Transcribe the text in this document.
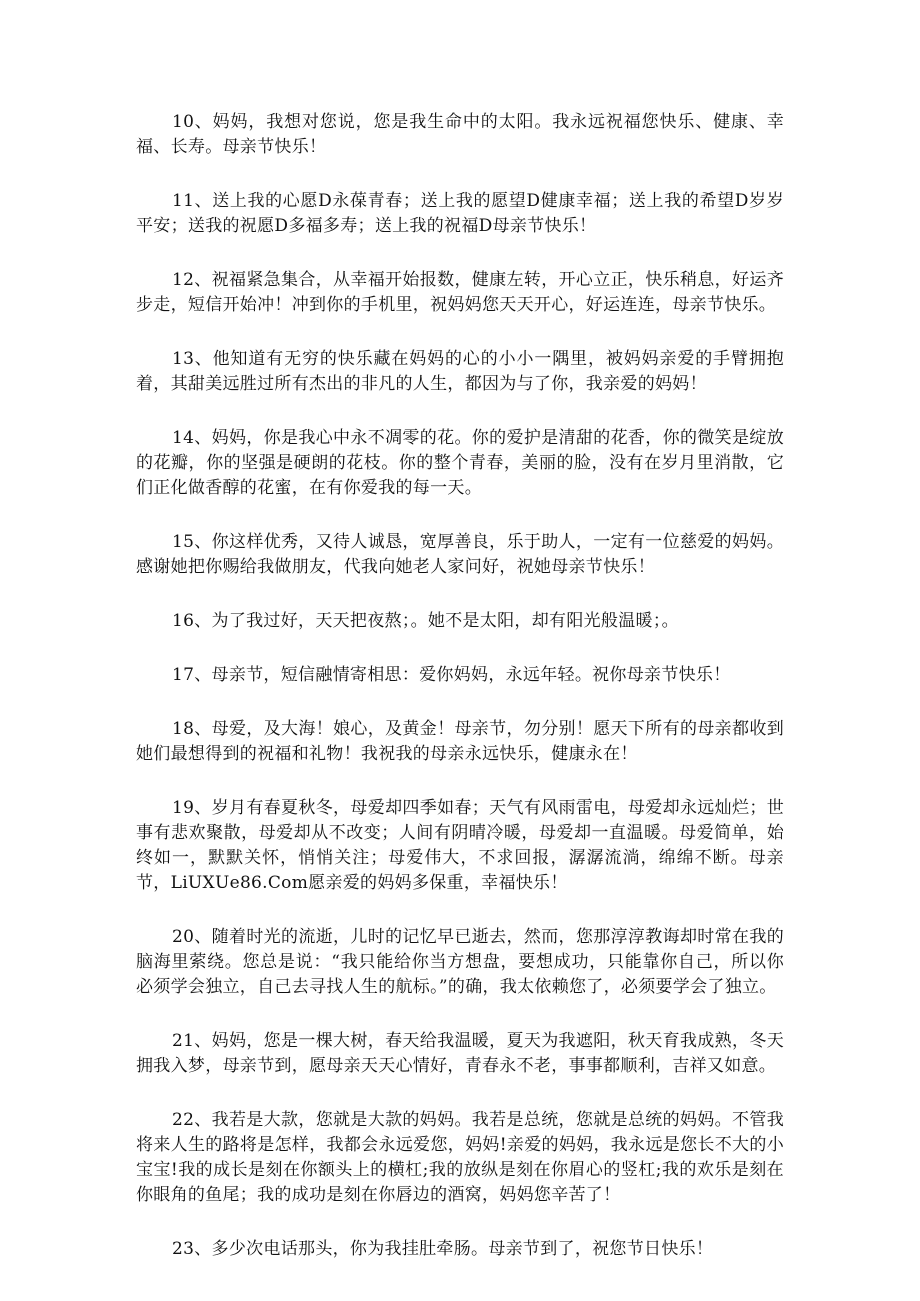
10、妈妈，我想对您说，您是我生命中的太阳。我永远祝福您快乐、健康、幸福、长寿。母亲节快乐！

11、送上我的心愿D永葆青春；送上我的愿望D健康幸福；送上我的希望D岁岁平安；送我的祝愿D多福多寿；送上我的祝福D母亲节快乐！

12、祝福紧急集合，从幸福开始报数，健康左转，开心立正，快乐稍息，好运齐步走，短信开始冲！冲到你的手机里，祝妈妈您天天开心，好运连连，母亲节快乐。

13、他知道有无穷的快乐藏在妈妈的心的小小一隅里，被妈妈亲爱的手臂拥抱着，其甜美远胜过所有杰出的非凡的人生，都因为与了你，我亲爱的妈妈！

14、妈妈，你是我心中永不凋零的花。你的爱护是清甜的花香，你的微笑是绽放的花瓣，你的坚强是硬朗的花枝。你的整个青春，美丽的脸，没有在岁月里消散，它们正化做香醇的花蜜，在有你爱我的每一天。

15、你这样优秀，又待人诚恳，宽厚善良，乐于助人，一定有一位慈爱的妈妈。感谢她把你赐给我做朋友，代我向她老人家问好，祝她母亲节快乐！

16、为了我过好，天天把夜熬；。她不是太阳，却有阳光般温暖；。

17、母亲节，短信融情寄相思：爱你妈妈，永远年轻。祝你母亲节快乐！

18、母爱，及大海！娘心，及黄金！母亲节，勿分别！愿天下所有的母亲都收到她们最想得到的祝福和礼物！我祝我的母亲永远快乐，健康永在！

19、岁月有春夏秋冬，母爱却四季如春；天气有风雨雷电，母爱却永远灿烂；世事有悲欢聚散，母爱却从不改变；人间有阴晴冷暖，母爱却一直温暖。母爱简单，始终如一，默默关怀，悄悄关注；母爱伟大，不求回报，潺潺流淌，绵绵不断。母亲节，LiUXUe86.Com愿亲爱的妈妈多保重，幸福快乐！

20、随着时光的流逝，儿时的记忆早已逝去，然而，您那淳淳教诲却时常在我的脑海里萦绕。您总是说：“我只能给你当方想盘，要想成功，只能靠你自己，所以你必须学会独立，自己去寻找人生的航标。”的确，我太依赖您了，必须要学会了独立。

21、妈妈，您是一棵大树，春天给我温暖，夏天为我遮阳，秋天育我成熟，冬天拥我入梦，母亲节到，愿母亲天天心情好，青春永不老，事事都顺利，吉祥又如意。

22、我若是大款，您就是大款的妈妈。我若是总统，您就是总统的妈妈。不管我将来人生的路将是怎样，我都会永远爱您，妈妈!亲爱的妈妈，我永远是您长不大的小宝宝!我的成长是刻在你额头上的横杠;我的放纵是刻在你眉心的竖杠;我的欢乐是刻在你眼角的鱼尾；我的成功是刻在你唇边的酒窝，妈妈您辛苦了！

23、多少次电话那头，你为我挂肚牵肠。母亲节到了，祝您节日快乐！
